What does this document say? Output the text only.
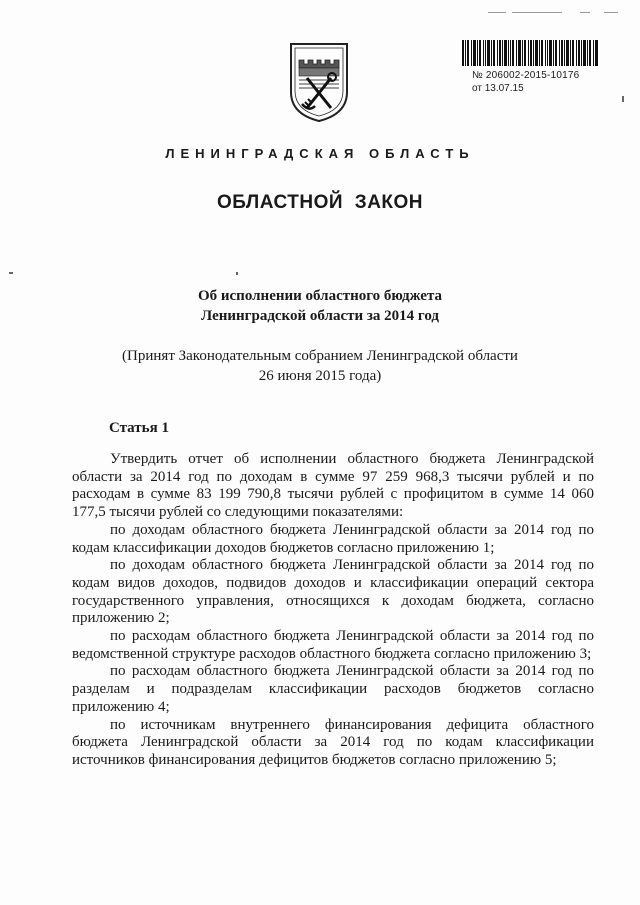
№ 206002-2015-10176
от 13.07.15
ЛЕНИНГРАДСКАЯ ОБЛАСТЬ
ОБЛАСТНОЙ ЗАКОН
Об исполнении областного бюджета
Ленинградской области за 2014 год
(Принят Законодательным собранием Ленинградской области
26 июня 2015 года)
Статья 1

Утвердить отчет об исполнении областного бюджета Ленинградской области за 2014 год по доходам в сумме 97 259 968,3 тысячи рублей и по расходам в сумме 83 199 790,8 тысячи рублей с профицитом в сумме 14 060 177,5 тысячи рублей со следующими показателями:

по доходам областного бюджета Ленинградской области за 2014 год по кодам классификации доходов бюджетов согласно приложению 1;

по доходам областного бюджета Ленинградской области за 2014 год по кодам видов доходов, подвидов доходов и классификации операций сектора государственного управления, относящихся к доходам бюджета, согласно приложению 2;

по расходам областного бюджета Ленинградской области за 2014 год по ведомственной структуре расходов областного бюджета согласно приложению 3;

по расходам областного бюджета Ленинградской области за 2014 год по разделам и подразделам классификации расходов бюджетов согласно приложению 4;

по источникам внутреннего финансирования дефицита областного бюджета Ленинградской области за 2014 год по кодам классификации источников финансирования дефицитов бюджетов согласно приложению 5;
